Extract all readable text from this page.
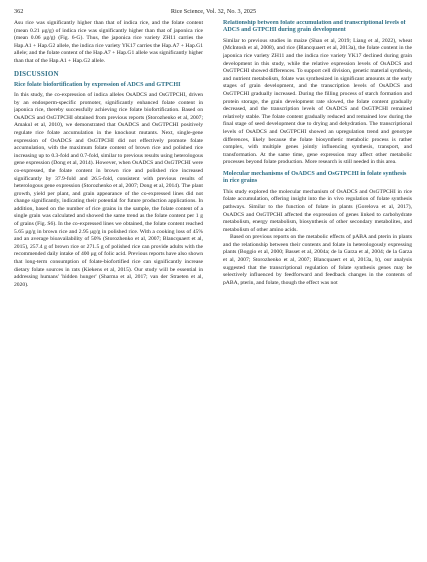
362	Rice Science, Vol. 32, No. 3, 2025

Asu rice was significantly higher than that of indica rice, and the folate content (mean 0.21 μg/g) of indica rice was significantly higher than that of japonica rice (mean 0.06 μg/g) (Fig. 6-G). Thus, the japonica rice variety ZH11 carries the Hap.A1 + Hap.G2 allele, the indica rice variety YK17 carries the Hap.A7 + Hap.G1 allele; and the folate content of the Hap.A7 + Hap.G1 allele was significantly higher than that of the Hap.A1 + Hap.G2 allele.

DISCUSSION
Rice folate biofortification by expression of ADCS and GTPCHI

In this study, the co-expression of indica alleles OsADCS and OsGTPCHI, driven by an endosperm-specific promoter, significantly enhanced folate content in japonica rice, thereby successfully achieving rice folate biofortification. Based on OsADCS and OsGTPCHI obtained from previous reports (Storozhenko et al, 2007; Amakul et al, 2010), we demonstrated that OsADCS and OsGTPCHI positively regulate rice folate accumulation in the knockout mutants. Next, single-gene expression of OsADCS and OsGTPCHI did not effectively promote folate accumulation, with the maximum folate content of brown rice and polished rice increasing up to 0.3-fold and 0.7-fold, similar to previous results using heterologous gene expression (Dong et al, 2014). However, when OsADCS and OsGTPCHI were co-expressed, the folate content in brown rice and polished rice increased significantly by 37.9-fold and 26.5-fold, consistent with previous results of heterologous gene expression (Storozhenko et al, 2007; Dong et al, 2014). The plant growth, yield per plant, and grain appearance of the co-expressed lines did not change significantly, indicating their potential for future production applications. In addition, based on the number of rice grains in the sample, the folate content of a single grain was calculated and showed the same trend as the folate content per 1 g of grains (Fig. S6). In the co-expressed lines we obtained, the folate content reached 5.65 μg/g in brown rice and 2.95 μg/g in polished rice. With a cooking loss of 45% and an average bioavailability of 50% (Storozhenko et al, 2007; Blancquaert et al, 2015), 257.4 g of brown rice or 271.5 g of polished rice can provide adults with the recommended daily intake of 400 μg of folic acid. Previous reports have also shown that long-term consumption of folate-biofortified rice can significantly increase dietary folate sources in rats (Kiekens et al, 2015). Our study will be essential in addressing humans' 'hidden hunger' (Sharma et al, 2017; van der Straeten et al, 2020).

Relationship between folate accumulation and transcriptional levels of ADCS and GTPCHI during grain development

Similar to previous studies in maize (Shan et al, 2019; Liang et al, 2022), wheat (McIntosh et al, 2008), and rice (Blancquaert et al, 2013a), the folate content in the japonica rice variety ZH11 and the indica rice variety YK17 declined during grain development in this study, while the relative expression levels of OsADCS and OsGTPCHI showed differences. To support cell division, genetic material synthesis, and nutrient metabolism, folate was synthesized in significant amounts at the early stages of grain development, and the transcription levels of OsADCS and OsGTPCHI gradually increased. During the filling process of starch formation and protein storage, the grain development rate slowed, the folate content gradually decreased, and the transcription levels of OsADCS and OsGTPCHI remained relatively stable. The folate content gradually reduced and remained low during the final stage of seed development due to drying and dehydration. The transcriptional levels of OsADCS and OsGTPCHI showed an upregulation trend and genotype differences, likely because the folate biosynthetic metabolic process is rather complex, with multiple genes jointly influencing synthesis, transport, and transformation. At the same time, gene expression may affect other metabolic processes beyond folate production. More research is still needed in this area.

Molecular mechanisms of OsADCS and OsGTPCHI in folate synthesis in rice grains

This study explored the molecular mechanism of OsADCS and OsGTPCHI in rice folate accumulation, offering insight into the in vivo regulation of folate synthesis pathways. Similar to the function of folate in plants (Gorelova et al, 2017), OsADCS and OsGTPCHI affected the expression of genes linked to carbohydrate metabolism, energy metabolism, biosynthesis of other secondary metabolites, and metabolism of other amino acids.

Based on previous reports on the metabolic effects of pABA and pterin in plants and the relationship between their contents and folate in heterologously expressing plants (Boggio et al, 2000; Basset et al, 2004a; de la Garza et al, 2004; de la Garza et al, 2007; Storozhenko et al, 2007; Blancquaert et al, 2013a, b), our analysis suggested that the transcriptional regulation of folate synthesis genes may be selectively influenced by feedforward and feedback changes in the contents of pABA, pterin, and folate, though the effect was not
